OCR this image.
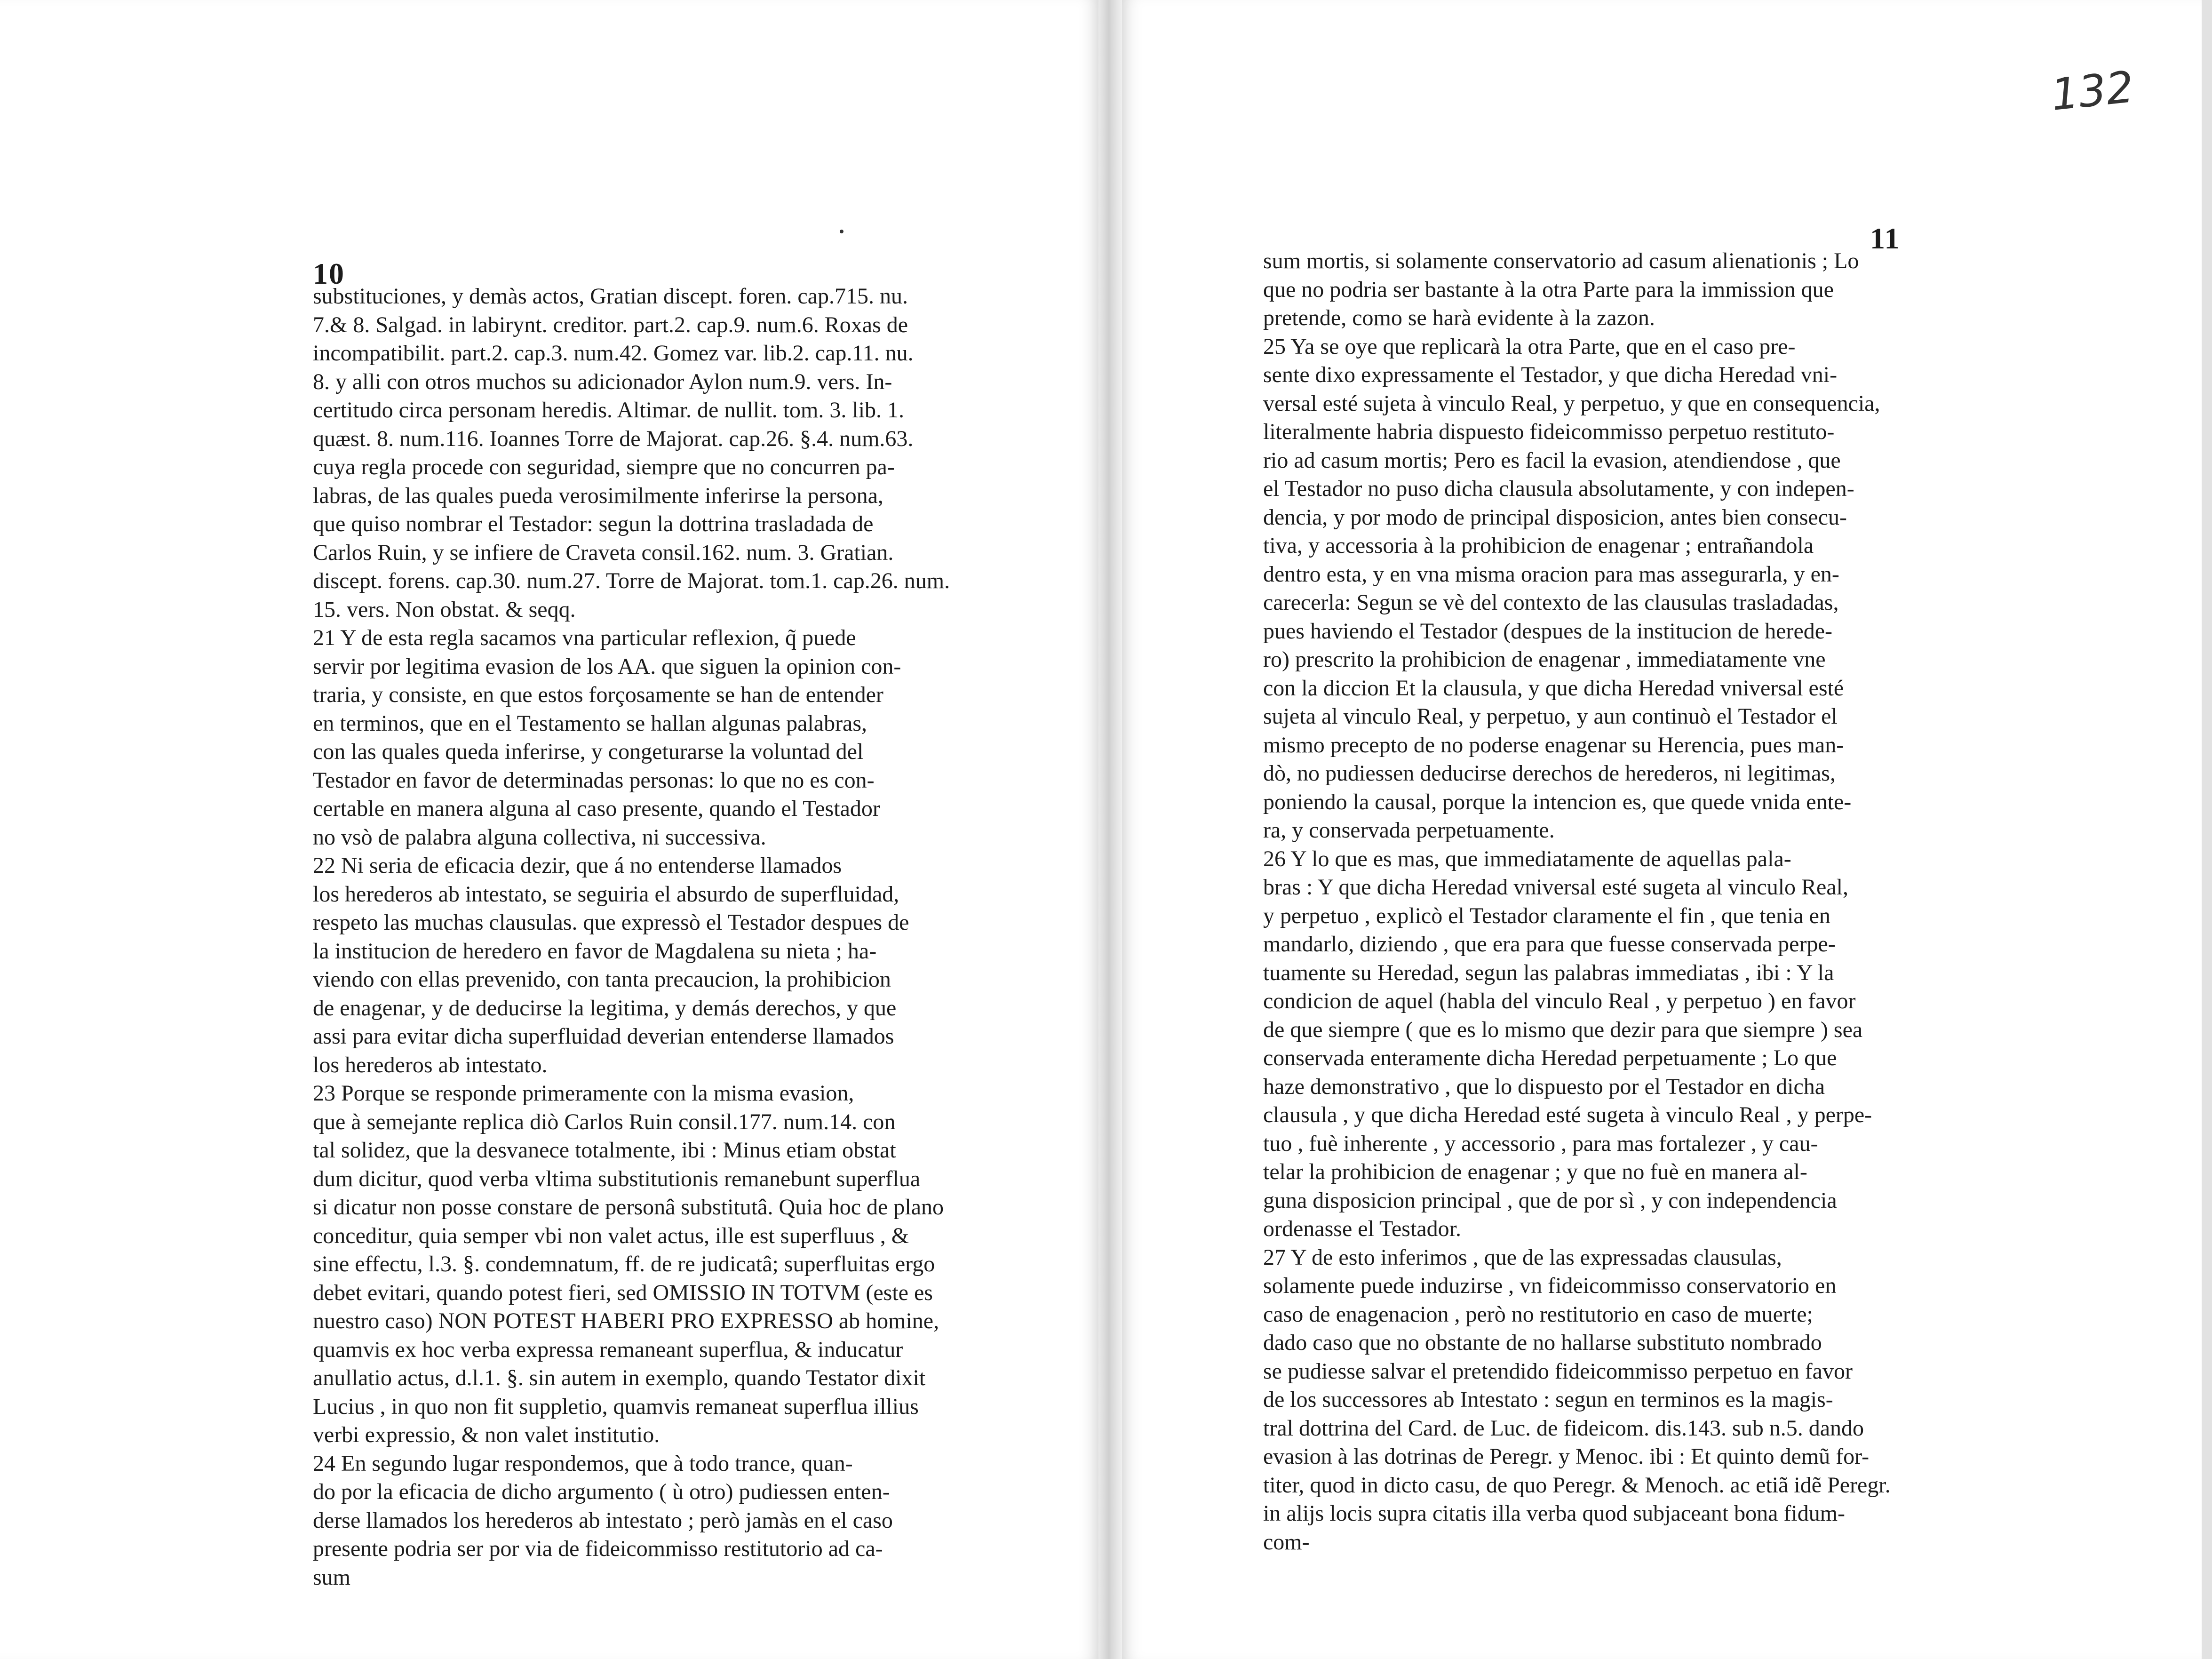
10
substituciones, y demàs actos, Gratian discept. foren. cap.715. nu.
7.& 8. Salgad. in labirynt. creditor. part.2. cap.9. num.6. Roxas de
incompatibilit. part.2. cap.3. num.42. Gomez var. lib.2. cap.11. nu.
8. y alli con otros muchos su adicionador Aylon num.9. vers. In-
certitudo circa personam heredis. Altimar. de nullit. tom. 3. lib. 1.
quæst. 8. num.116. Ioannes Torre de Majorat. cap.26. §.4. num.63.
cuya regla procede con seguridad, siempre que no concurren pa-
labras, de las quales pueda verosimilmente inferirse la persona,
que quiso nombrar el Testador: segun la dottrina trasladada de
Carlos Ruin, y se infiere de Craveta consil.162. num. 3. Gratian.
discept. forens. cap.30. num.27. Torre de Majorat. tom.1. cap.26. num.
15. vers. Non obstat. & seqq.
21 Y de esta regla sacamos vna particular reflexion, q̃ puede
servir por legitima evasion de los AA. que siguen la opinion con-
traria, y consiste, en que estos forçosamente se han de entender
en terminos, que en el Testamento se hallan algunas palabras,
con las quales queda inferirse, y congeturarse la voluntad del
Testador en favor de determinadas personas: lo que no es con-
certable en manera alguna al caso presente, quando el Testador
no vsò de palabra alguna collectiva, ni successiva.
22 Ni seria de eficacia dezir, que á no entenderse llamados
los herederos ab intestato, se seguiria el absurdo de superfluidad,
respeto las muchas clausulas. que expressò el Testador despues de
la institucion de heredero en favor de Magdalena su nieta ; ha-
viendo con ellas prevenido, con tanta precaucion, la prohibicion
de enagenar, y de deducirse la legitima, y demás derechos, y que
assi para evitar dicha superfluidad deverian entenderse llamados
los herederos ab intestato.
23 Porque se responde primeramente con la misma evasion,
que à semejante replica diò Carlos Ruin consil.177. num.14. con
tal solidez, que la desvanece totalmente, ibi : Minus etiam obstat
dum dicitur, quod verba vltima substitutionis remanebunt superflua
si dicatur non posse constare de personâ substitutâ. Quia hoc de plano
conceditur, quia semper vbi non valet actus, ille est superfluus , &
sine effectu, l.3. §. condemnatum, ff. de re judicatâ; superfluitas ergo
debet evitari, quando potest fieri, sed OMISSIO IN TOTVM (este es
nuestro caso) NON POTEST HABERI PRO EXPRESSO ab homine,
quamvis ex hoc verba expressa remaneant superflua, & inducatur
anullatio actus, d.l.1. §. sin autem in exemplo, quando Testator dixit
Lucius , in quo non fit suppletio, quamvis remaneat superflua illius
verbi expressio, & non valet institutio.
24 En segundo lugar respondemos, que à todo trance, quan-
do por la eficacia de dicho argumento ( ù otro) pudiessen enten-
derse llamados los herederos ab intestato ; però jamàs en el caso
presente podria ser por via de fideicommisso restitutorio ad ca-
sum
11
sum mortis, si solamente conservatorio ad casum alienationis ; Lo
que no podria ser bastante à la otra Parte para la immission que
pretende, como se harà evidente à la zazon.
25 Ya se oye que replicarà la otra Parte, que en el caso pre-
sente dixo expressamente el Testador, y que dicha Heredad vni-
versal esté sujeta à vinculo Real, y perpetuo, y que en consequencia,
literalmente habria dispuesto fideicommisso perpetuo restituto-
rio ad casum mortis; Pero es facil la evasion, atendiendose , que
el Testador no puso dicha clausula absolutamente, y con indepen-
dencia, y por modo de principal disposicion, antes bien consecu-
tiva, y accessoria à la prohibicion de enagenar ; entrañandola
dentro esta, y en vna misma oracion para mas assegurarla, y en-
carecerla: Segun se vè del contexto de las clausulas trasladadas,
pues haviendo el Testador (despues de la institucion de herede-
ro) prescrito la prohibicion de enagenar , immediatamente vne
con la diccion Et la clausula, y que dicha Heredad vniversal esté
sujeta al vinculo Real, y perpetuo, y aun continuò el Testador el
mismo precepto de no poderse enagenar su Herencia, pues man-
dò, no pudiessen deducirse derechos de herederos, ni legitimas,
poniendo la causal, porque la intencion es, que quede vnida ente-
ra, y conservada perpetuamente.
26 Y lo que es mas, que immediatamente de aquellas pala-
bras : Y que dicha Heredad vniversal esté sugeta al vinculo Real,
y perpetuo , explicò el Testador claramente el fin , que tenia en
mandarlo, diziendo , que era para que fuesse conservada perpe-
tuamente su Heredad, segun las palabras immediatas , ibi : Y la
condicion de aquel (habla del vinculo Real , y perpetuo ) en favor
de que siempre ( que es lo mismo que dezir para que siempre ) sea
conservada enteramente dicha Heredad perpetuamente ; Lo que
haze demonstrativo , que lo dispuesto por el Testador en dicha
clausula , y que dicha Heredad esté sugeta à vinculo Real , y perpe-
tuo , fuè inherente , y accessorio , para mas fortalezer , y cau-
telar la prohibicion de enagenar ; y que no fuè en manera al-
guna disposicion principal , que de por sì , y con independencia
ordenasse el Testador.
27 Y de esto inferimos , que de las expressadas clausulas,
solamente puede induzirse , vn fideicommisso conservatorio en
caso de enagenacion , però no restitutorio en caso de muerte;
dado caso que no obstante de no hallarse substituto nombrado
se pudiesse salvar el pretendido fideicommisso perpetuo en favor
de los successores ab Intestato : segun en terminos es la magis-
tral dottrina del Card. de Luc. de fideicom. dis.143. sub n.5. dando
evasion à las dotrinas de Peregr. y Menoc. ibi : Et quinto demũ for-
titer, quod in dicto casu, de quo Peregr. & Menoch. ac etiã idẽ Peregr.
in alijs locis supra citatis illa verba quod subjaceant bona fidum-
com-
132
